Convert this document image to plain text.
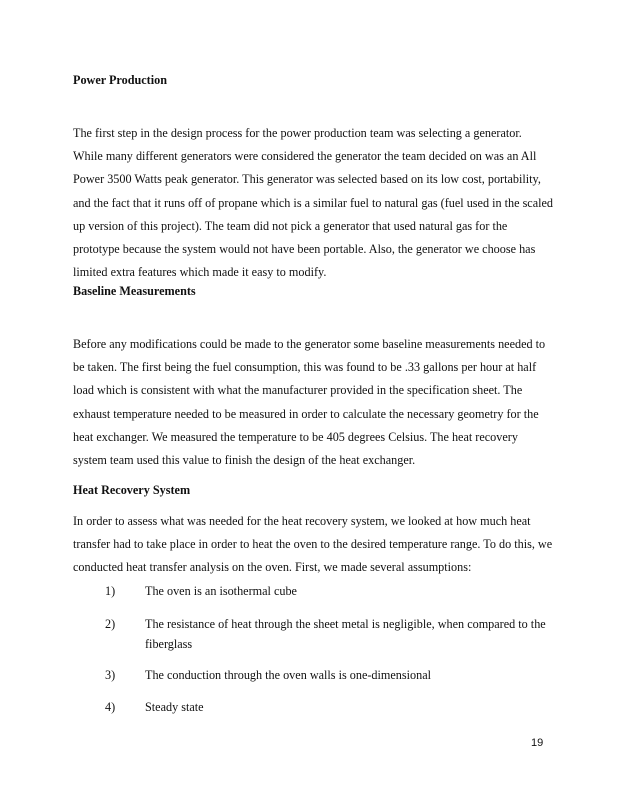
Power Production

The first step in the design process for the power production team was selecting a generator. While many different generators were considered the generator the team decided on was an All Power 3500 Watts peak generator. This generator was selected based on its low cost, portability, and the fact that it runs off of propane which is a similar fuel to natural gas (fuel used in the scaled up version of this project). The team did not pick a generator that used natural gas for the prototype because the system would not have been portable. Also, the generator we choose has limited extra features which made it easy to modify.

Baseline Measurements

Before any modifications could be made to the generator some baseline measurements needed to be taken. The first being the fuel consumption, this was found to be .33 gallons per hour at half load which is consistent with what the manufacturer provided in the specification sheet. The exhaust temperature needed to be measured in order to calculate the necessary geometry for the heat exchanger. We measured the temperature to be 405 degrees Celsius. The heat recovery system team used this value to finish the design of the heat exchanger.

Heat Recovery System

In order to assess what was needed for the heat recovery system, we looked at how much heat transfer had to take place in order to heat the oven to the desired temperature range. To do this, we conducted heat transfer analysis on the oven. First, we made several assumptions:

1) The oven is an isothermal cube
2) The resistance of heat through the sheet metal is negligible, when compared to the fiberglass
3) The conduction through the oven walls is one-dimensional
4) Steady state
19
